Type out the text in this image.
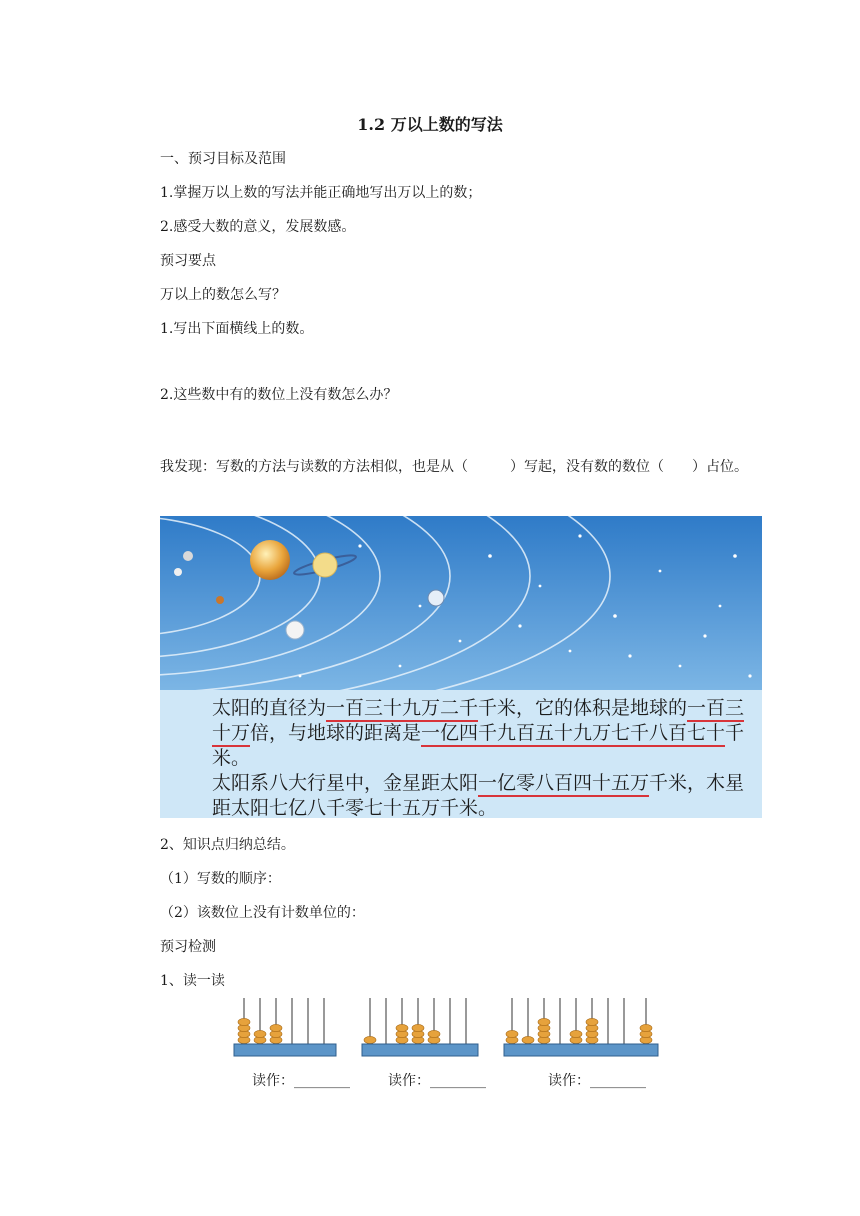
1.2 万以上数的写法
一、预习目标及范围
1.掌握万以上数的写法并能正确地写出万以上的数；
2.感受大数的意义，发展数感。
预习要点
万以上的数怎么写？
1.写出下面横线上的数。
2.这些数中有的数位上没有数怎么办？
我发现：写数的方法与读数的方法相似，也是从（　　　）写起，没有数的数位（　　）占位。

太阳的直径为一百三十九万二千千米，它的体积是地球的一百三十万倍，与地球的距离是一亿四千九百五十九万七千八百七十千米。

太阳系八大行星中，金星距太阳一亿零八百四十五万千米，木星距太阳七亿八千零七十五万千米。

2、知识点归纳总结。
（1）写数的顺序：
（2）该数位上没有计数单位的：
预习检测
1、读一读
读作：________	读作：________	读作：________
